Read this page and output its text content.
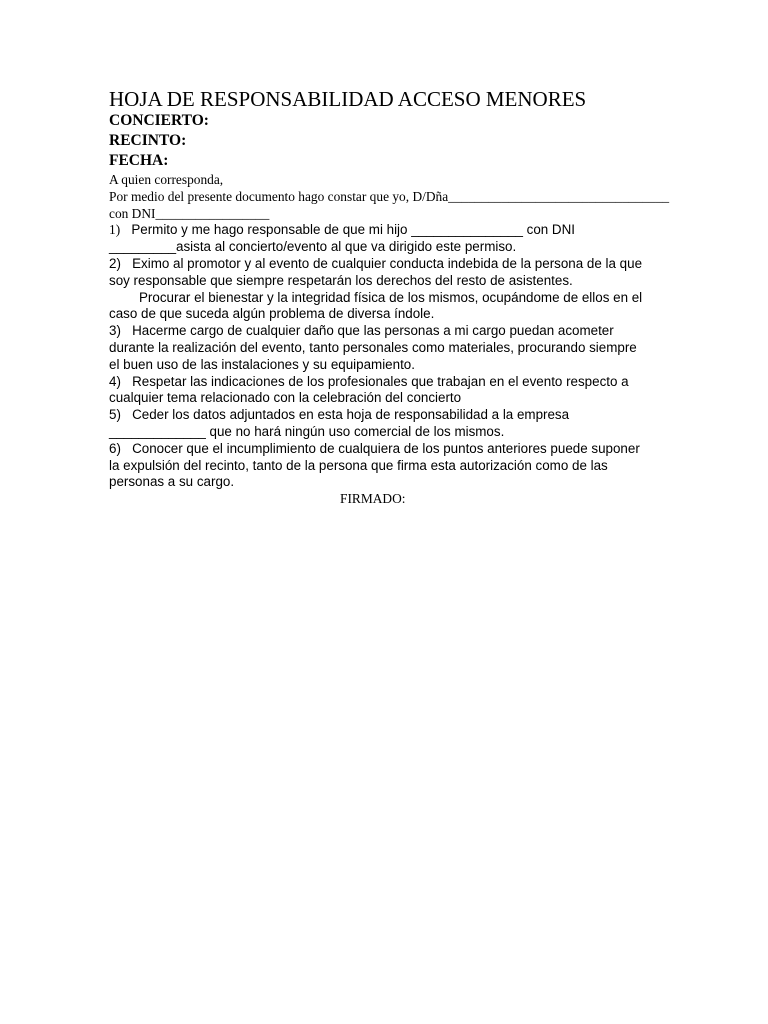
HOJA DE RESPONSABILIDAD ACCESO MENORES

CONCIERTO:

RECINTO:

FECHA:

A quien corresponda,

Por medio del presente documento hago constar que yo, D/Dña_________________________________

con DNI_________________

1) Permito y me hago responsable de que mi hijo _______________ con DNI
_________asista al concierto/evento al que va dirigido este permiso.
2) Eximo al promotor y al evento de cualquier conducta indebida de la persona de la que
soy responsable que siempre respetarán los derechos del resto de asistentes.
Procurar el bienestar y la integridad física de los mismos, ocupándome de ellos en el
caso de que suceda algún problema de diversa índole.
3) Hacerme cargo de cualquier daño que las personas a mi cargo puedan acometer
durante la realización del evento, tanto personales como materiales, procurando siempre
el buen uso de las instalaciones y su equipamiento.
4) Respetar las indicaciones de los profesionales que trabajan en el evento respecto a
cualquier tema relacionado con la celebración del concierto
5) Ceder los datos adjuntados en esta hoja de responsabilidad a la empresa
_____________ que no hará ningún uso comercial de los mismos.
6) Conocer que el incumplimiento de cualquiera de los puntos anteriores puede suponer
la expulsión del recinto, tanto de la persona que firma esta autorización como de las
personas a su cargo.

FIRMADO:
